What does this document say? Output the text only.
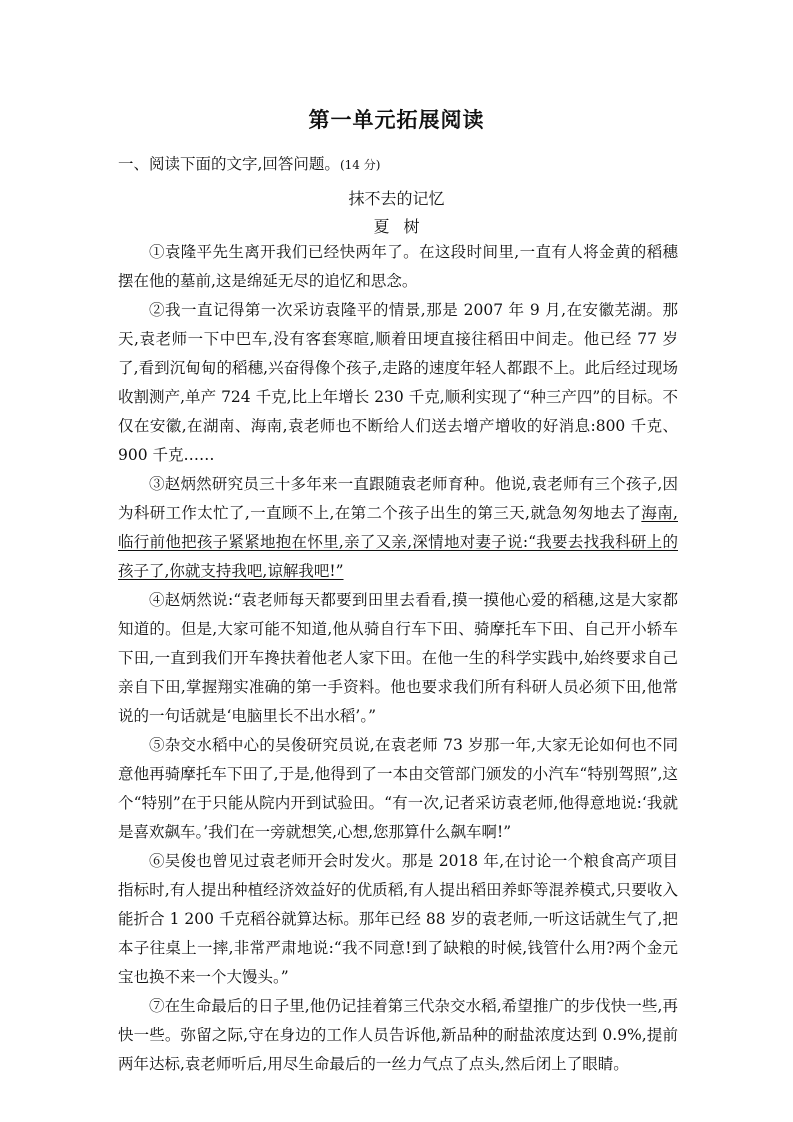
第一单元拓展阅读
一、阅读下面的文字,回答问题。(14 分)
抹不去的记忆
夏树

①袁隆平先生离开我们已经快两年了。在这段时间里,一直有人将金黄的稻穗摆在他的墓前,这是绵延无尽的追忆和思念。

②我一直记得第一次采访袁隆平的情景,那是 2007 年 9 月,在安徽芜湖。那天,袁老师一下中巴车,没有客套寒暄,顺着田埂直接往稻田中间走。他已经 77 岁了,看到沉甸甸的稻穗,兴奋得像个孩子,走路的速度年轻人都跟不上。此后经过现场收割测产,单产 724 千克,比上年增长 230 千克,顺利实现了“种三产四”的目标。不仅在安徽,在湖南、海南,袁老师也不断给人们送去增产增收的好消息:800 千克、900 千克……

③赵炳然研究员三十多年来一直跟随袁老师育种。他说,袁老师有三个孩子,因为科研工作太忙了,一直顾不上,在第二个孩子出生的第三天,就急匆匆地去了海南,临行前他把孩子紧紧地抱在怀里,亲了又亲,深情地对妻子说:“我要去找我科研上的孩子了,你就支持我吧,谅解我吧!”

④赵炳然说:“袁老师每天都要到田里去看看,摸一摸他心爱的稻穗,这是大家都知道的。但是,大家可能不知道,他从骑自行车下田、骑摩托车下田、自己开小轿车下田,一直到我们开车搀扶着他老人家下田。在他一生的科学实践中,始终要求自己亲自下田,掌握翔实准确的第一手资料。他也要求我们所有科研人员必须下田,他常说的一句话就是‘电脑里长不出水稻’。”

⑤杂交水稻中心的吴俊研究员说,在袁老师 73 岁那一年,大家无论如何也不同意他再骑摩托车下田了,于是,他得到了一本由交管部门颁发的小汽车“特别驾照”,这个“特别”在于只能从院内开到试验田。“有一次,记者采访袁老师,他得意地说:‘我就是喜欢飙车。’我们在一旁就想笑,心想,您那算什么飙车啊!”

⑥吴俊也曾见过袁老师开会时发火。那是 2018 年,在讨论一个粮食高产项目指标时,有人提出种植经济效益好的优质稻,有人提出稻田养虾等混养模式,只要收入能折合 1 200 千克稻谷就算达标。那年已经 88 岁的袁老师,一听这话就生气了,把本子往桌上一摔,非常严肃地说:“我不同意!到了缺粮的时候,钱管什么用?两个金元宝也换不来一个大馒头。”

⑦在生命最后的日子里,他仍记挂着第三代杂交水稻,希望推广的步伐快一些,再快一些。弥留之际,守在身边的工作人员告诉他,新品种的耐盐浓度达到 0.9%,提前两年达标,袁老师听后,用尽生命最后的一丝力气点了点头,然后闭上了眼睛。
